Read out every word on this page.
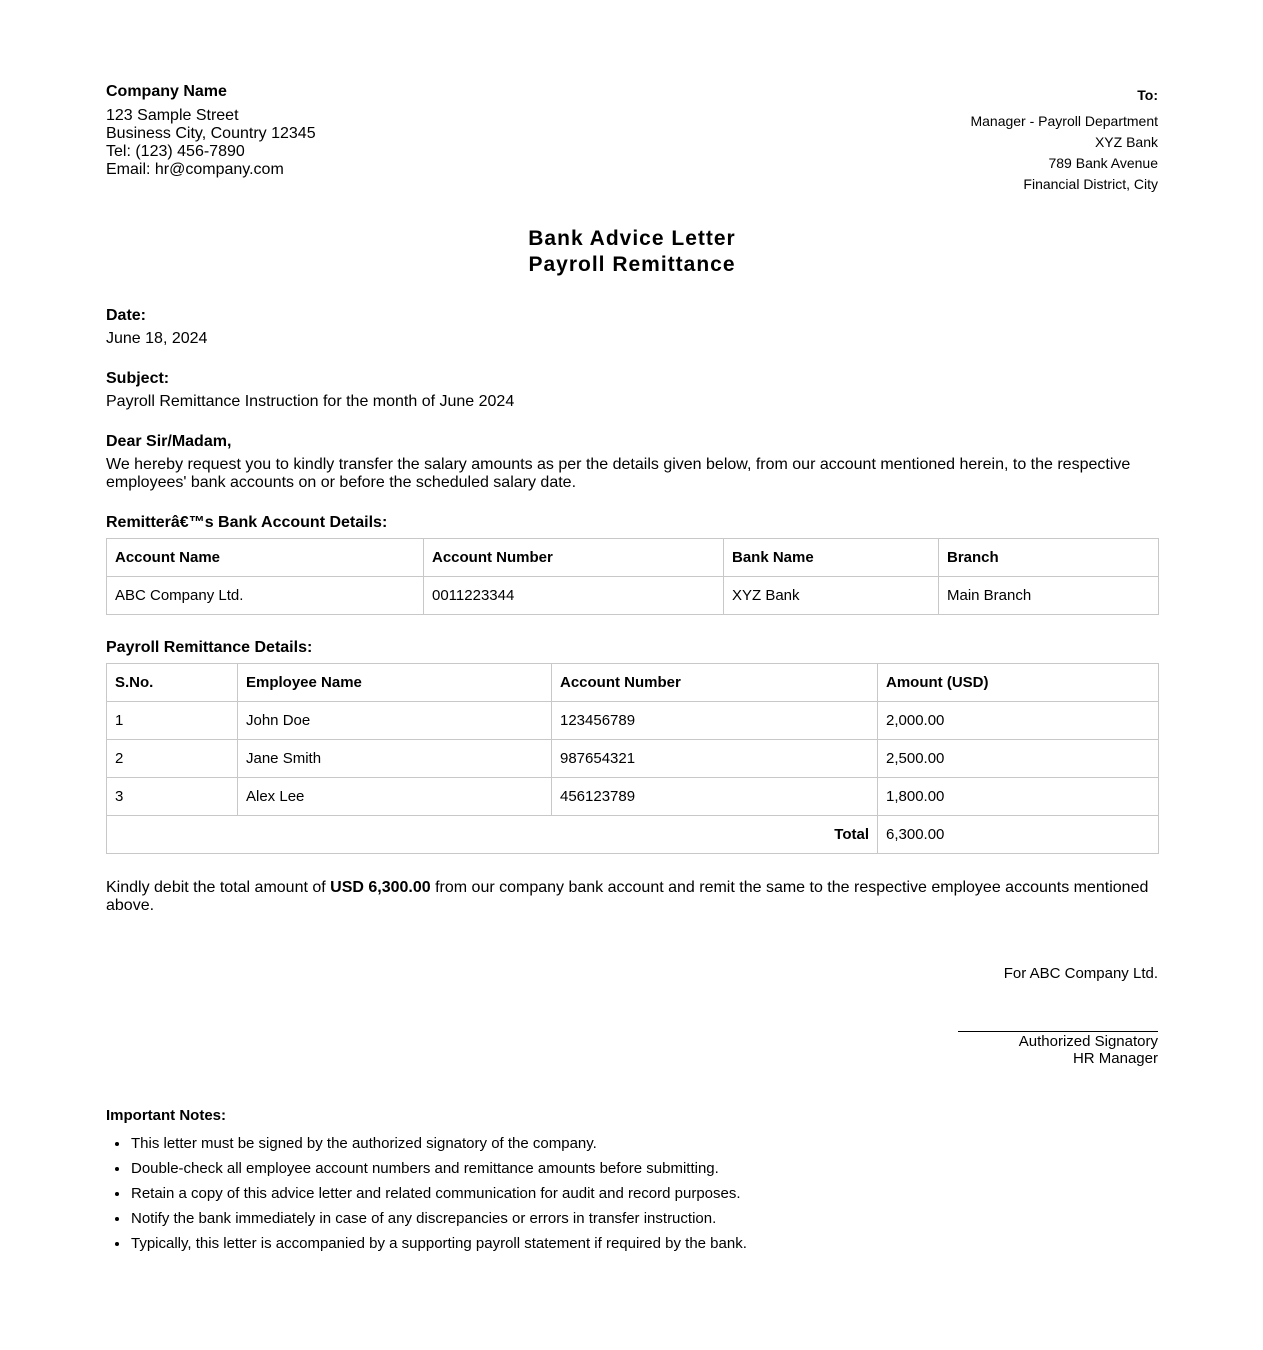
Company Name
123 Sample Street
Business City, Country 12345
Tel: (123) 456-7890
Email: hr@company.com
To:
Manager - Payroll Department
XYZ Bank
789 Bank Avenue
Financial District, City
Bank Advice Letter
Payroll Remittance
Date:
June 18, 2024
Subject:
Payroll Remittance Instruction for the month of June 2024
Dear Sir/Madam,
We hereby request you to kindly transfer the salary amounts as per the details given below, from our account mentioned herein, to the respective employees' bank accounts on or before the scheduled salary date.
Remitterâ€™s Bank Account Details:
Account Name	Account Number	Bank Name	Branch
ABC Company Ltd.	0011223344	XYZ Bank	Main Branch
Payroll Remittance Details:
S.No.	Employee Name	Account Number	Amount (USD)
1	John Doe	123456789	2,000.00
2	Jane Smith	987654321	2,500.00
3	Alex Lee	456123789	1,800.00
Total			6,300.00
Kindly debit the total amount of USD 6,300.00 from our company bank account and remit the same to the respective employee accounts mentioned above.
For ABC Company Ltd.
Authorized Signatory
HR Manager
Important Notes:
• This letter must be signed by the authorized signatory of the company.
• Double-check all employee account numbers and remittance amounts before submitting.
• Retain a copy of this advice letter and related communication for audit and record purposes.
• Notify the bank immediately in case of any discrepancies or errors in transfer instruction.
• Typically, this letter is accompanied by a supporting payroll statement if required by the bank.
